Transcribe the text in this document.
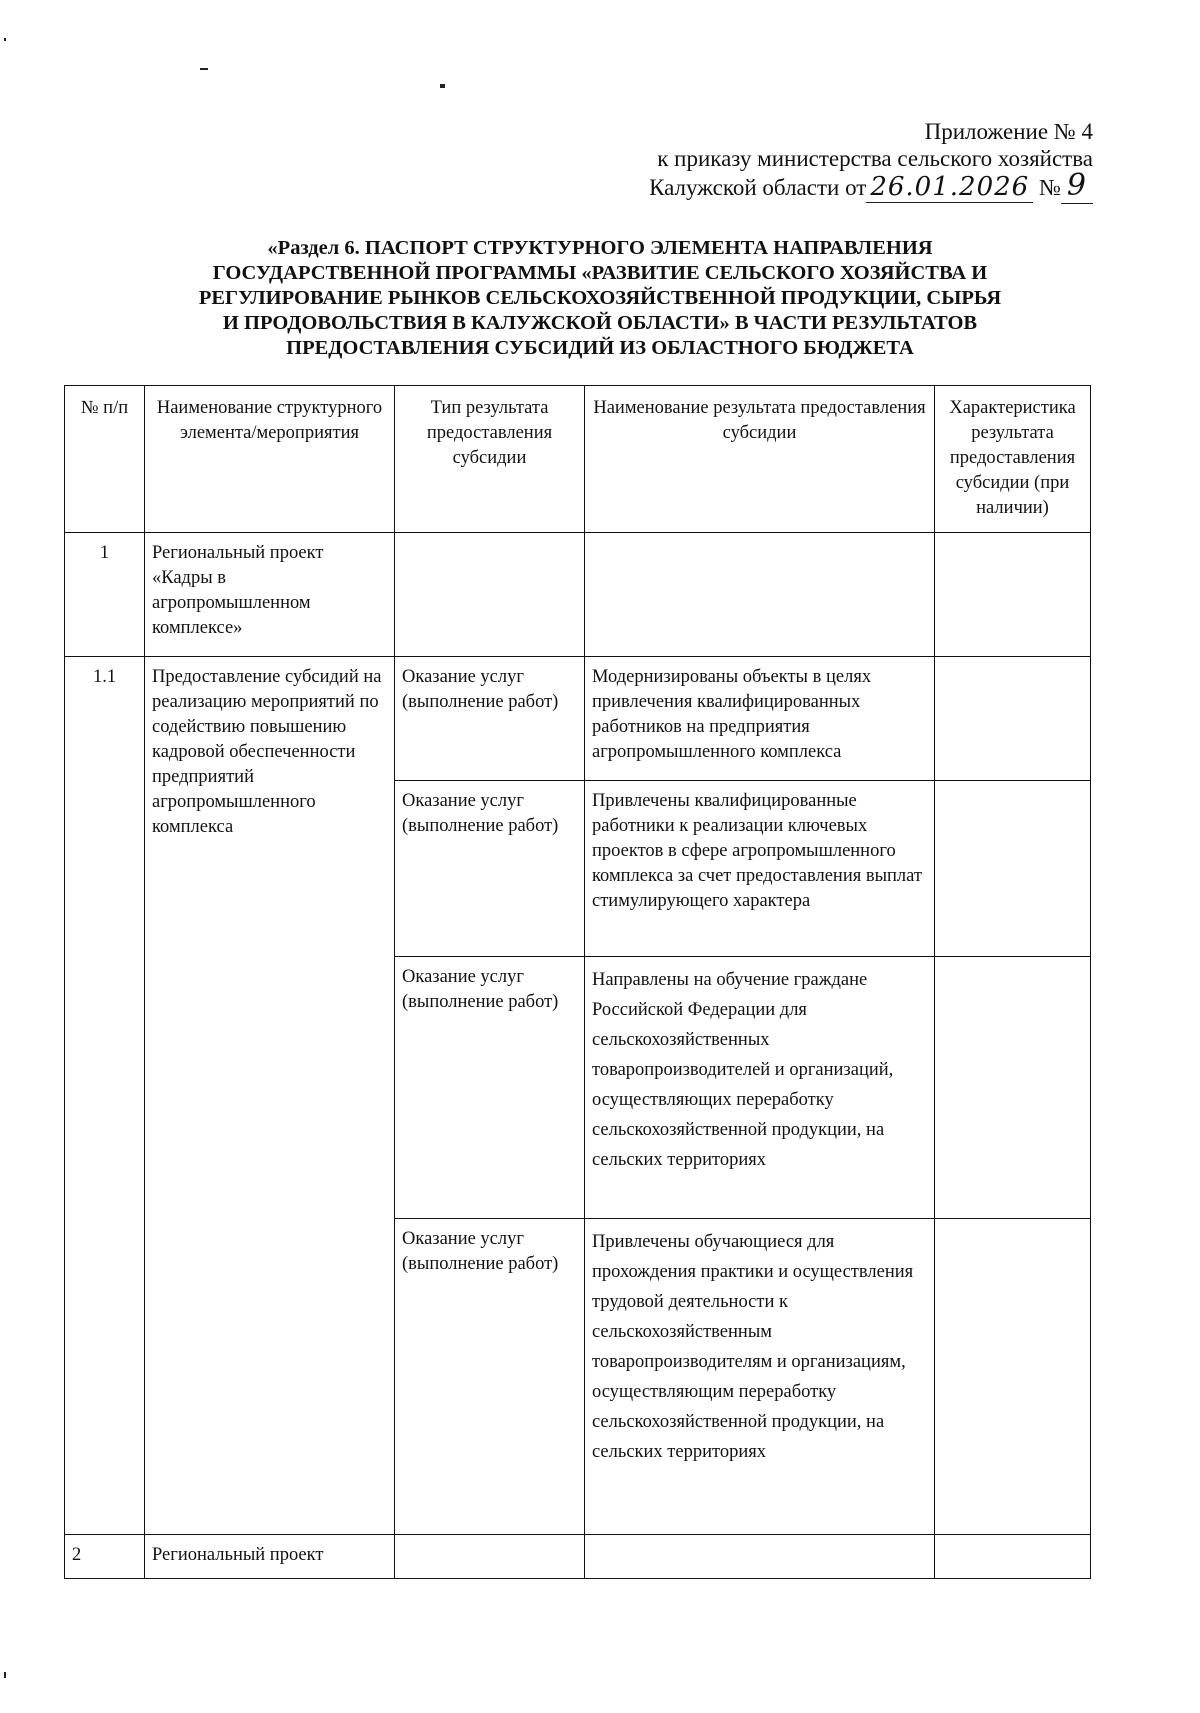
Приложение № 4
к приказу министерства сельского хозяйства
Калужской области от 26.01.2026 № 9
«Раздел 6. ПАСПОРТ СТРУКТУРНОГО ЭЛЕМЕНТА НАПРАВЛЕНИЯ
ГОСУДАРСТВЕННОЙ ПРОГРАММЫ «РАЗВИТИЕ СЕЛЬСКОГО ХОЗЯЙСТВА И
РЕГУЛИРОВАНИЕ РЫНКОВ СЕЛЬСКОХОЗЯЙСТВЕННОЙ ПРОДУКЦИИ, СЫРЬЯ
И ПРОДОВОЛЬСТВИЯ В КАЛУЖСКОЙ ОБЛАСТИ» В ЧАСТИ РЕЗУЛЬТАТОВ
ПРЕДОСТАВЛЕНИЯ СУБСИДИЙ ИЗ ОБЛАСТНОГО БЮДЖЕТА
№ п/п	Наименование структурного элемента/мероприятия	Тип результата предоставления субсидии	Наименование результата предоставления субсидии	Характеристика результата предоставления субсидии (при наличии)
1	Региональный проект «Кадры в агропромышленном комплексе»			
1.1	Предоставление субсидий на реализацию мероприятий по содействию повышению кадровой обеспеченности предприятий агропромышленного комплекса	Оказание услуг (выполнение работ)	Модернизированы объекты в целях привлечения квалифицированных работников на предприятия агропромышленного комплекса	
		Оказание услуг (выполнение работ)	Привлечены квалифицированные работники к реализации ключевых проектов в сфере агропромышленного комплекса за счет предоставления выплат стимулирующего характера	
		Оказание услуг (выполнение работ)	Направлены на обучение граждане Российской Федерации для сельскохозяйственных товаропроизводителей и организаций, осуществляющих переработку сельскохозяйственной продукции, на сельских территориях	
		Оказание услуг (выполнение работ)	Привлечены обучающиеся для прохождения практики и осуществления трудовой деятельности к сельскохозяйственным товаропроизводителям и организациям, осуществляющим переработку сельскохозяйственной продукции, на сельских территориях	
2	Региональный проект			
